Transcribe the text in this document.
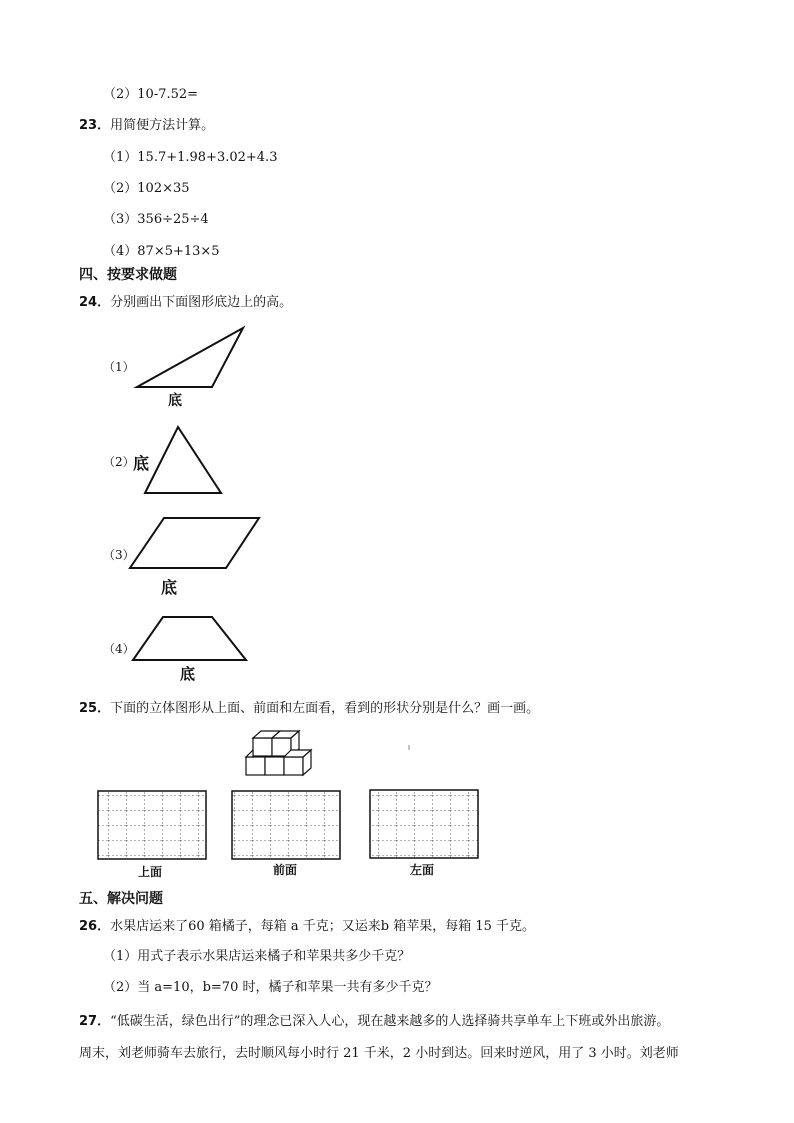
（2）10-7.52=
23．用简便方法计算。
（1）15.7+1.98+3.02+4.3
（2）102×35
（3）356÷25÷4
（4）87×5+13×5
四、按要求做题
24．分别画出下面图形底边上的高。
（1）
底
（2）
底
（3）
底
（4）
底
25．下面的立体图形从上面、前面和左面看，看到的形状分别是什么？画一画。
上面	前面	左面
五、解决问题
26．水果店运来了60 箱橘子，每箱 a 千克；又运来b 箱苹果，每箱 15 千克。
（1）用式子表示水果店运来橘子和苹果共多少千克？
（2）当 a=10，b=70 时，橘子和苹果一共有多少千克？
27．“低碳生活，绿色出行”的理念已深入人心，现在越来越多的人选择骑共享单车上下班或外出旅游。
周末，刘老师骑车去旅行，去时顺风每小时行 21 千米，2 小时到达。回来时逆风，用了 3 小时。刘老师
